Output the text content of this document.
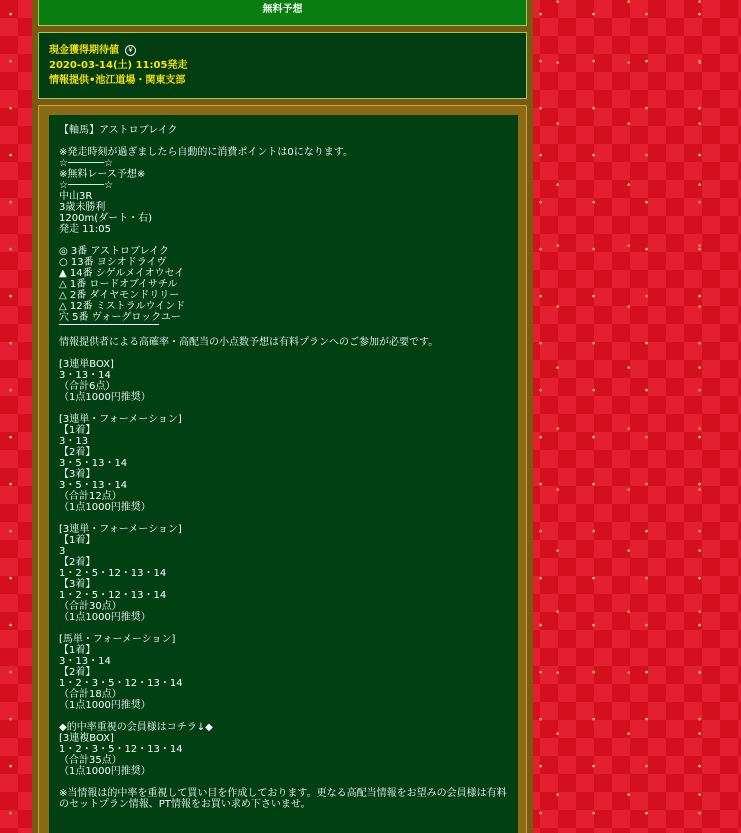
無料予想
現金獲得期待値 ¥
2020-03-14(土) 11:05発走
情報提供•池江道場・関東支部
【軸馬】アストロブレイク
※発走時刻が過ぎましたら自動的に消費ポイントは0になります。
☆──────☆
※無料レース予想※
☆──────☆
中山3R
3歳未勝利
1200m(ダート・右)
発走 11:05
◎ 3番 アストロブレイク
○ 13番 ヨシオドライヴ
▲ 14番 シゲルメイオウセイ
△ 1番 ロードオブイサチル
△ 2番 ダイヤモンドリリー
△ 12番 ミストラルウインド
穴 5番 ヴォーグロックユー
情報提供者による高確率・高配当の小点数予想は有料プランへのご参加が必要です。
[3連単BOX]
3・13・14
（合計6点）
（1点1000円推奨）
[3連単・フォーメーション]
【1着】
3・13
【2着】
3・5・13・14
【3着】
3・5・13・14
（合計12点）
（1点1000円推奨）
[3連単・フォーメーション]
【1着】
3
【2着】
1・2・5・12・13・14
【3着】
1・2・5・12・13・14
（合計30点）
（1点1000円推奨）
[馬単・フォーメーション]
【1着】
3・13・14
【2着】
1・2・3・5・12・13・14
（合計18点）
（1点1000円推奨）
◆的中率重視の会員様はコチラ↓◆
[3連複BOX]
1・2・3・5・12・13・14
（合計35点）
（1点1000円推奨）
※当情報は的中率を重視して買い目を作成しております。更なる高配当情報をお望みの会員様は有料のセットプラン情報、PT情報をお買い求め下さいませ。
